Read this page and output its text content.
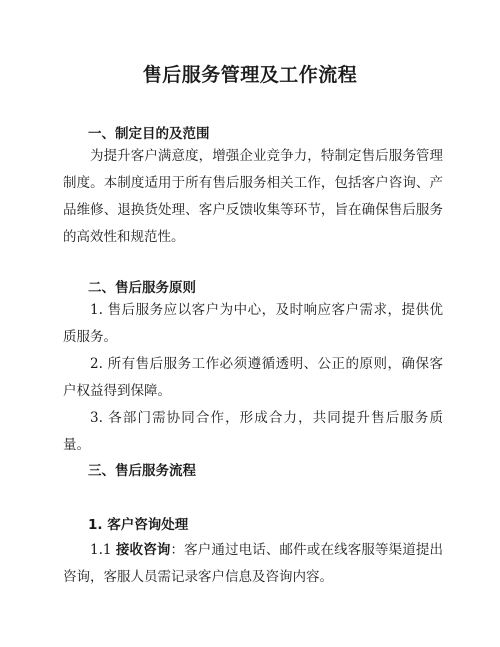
售后服务管理及工作流程
一、制定目的及范围
为提升客户满意度，增强企业竞争力，特制定售后服务管理制度。本制度适用于所有售后服务相关工作，包括客户咨询、产品维修、退换货处理、客户反馈收集等环节，旨在确保售后服务的高效性和规范性。
二、售后服务原则
1. 售后服务应以客户为中心，及时响应客户需求，提供优质服务。
2. 所有售后服务工作必须遵循透明、公正的原则，确保客户权益得到保障。
3. 各部门需协同合作，形成合力，共同提升售后服务质量。
三、售后服务流程
1. 客户咨询处理
1.1 接收咨询：客户通过电话、邮件或在线客服等渠道提出咨询，客服人员需记录客户信息及咨询内容。
